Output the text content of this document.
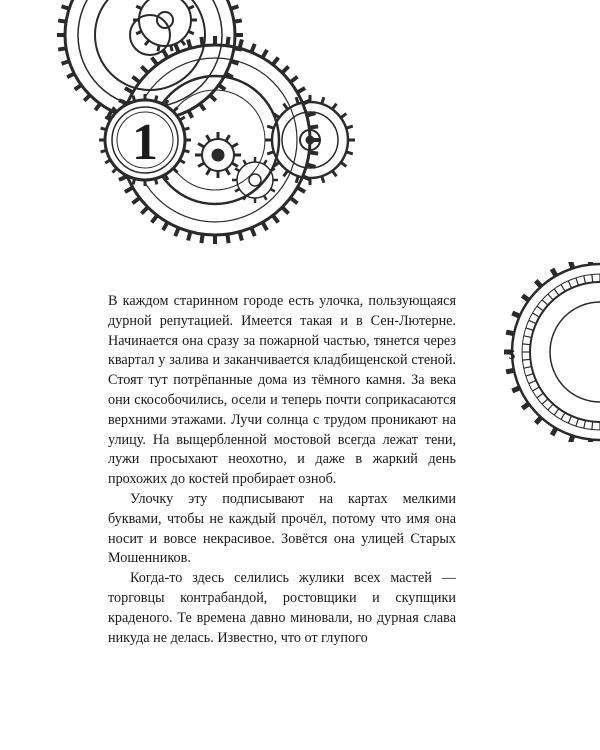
1
5

В каждом старинном городе есть улочка, пользующаяся дурной репутацией. Имеется такая и в Сен-Лютерне. Начинается она сразу за пожарной частью, тянется через квартал у залива и заканчивается кладбищенской стеной. Стоят тут потрёпанные дома из тёмного камня. За века они скособочились, осели и теперь почти соприкасаются верхними этажами. Лучи солнца с трудом проникают на улицу. На выщербленной мостовой всегда лежат тени, лужи просыхают неохотно, и даже в жаркий день прохожих до костей пробирает озноб.

Улочку эту подписывают на картах мелкими буквами, чтобы не каждый прочёл, потому что имя она носит и вовсе некрасивое. Зовётся она улицей Старых Мошенников.

Когда-то здесь селились жулики всех мастей — торговцы контрабандой, ростовщики и скупщики краденого. Те времена давно миновали, но дурная слава никуда не делась. Известно, что от глупого
